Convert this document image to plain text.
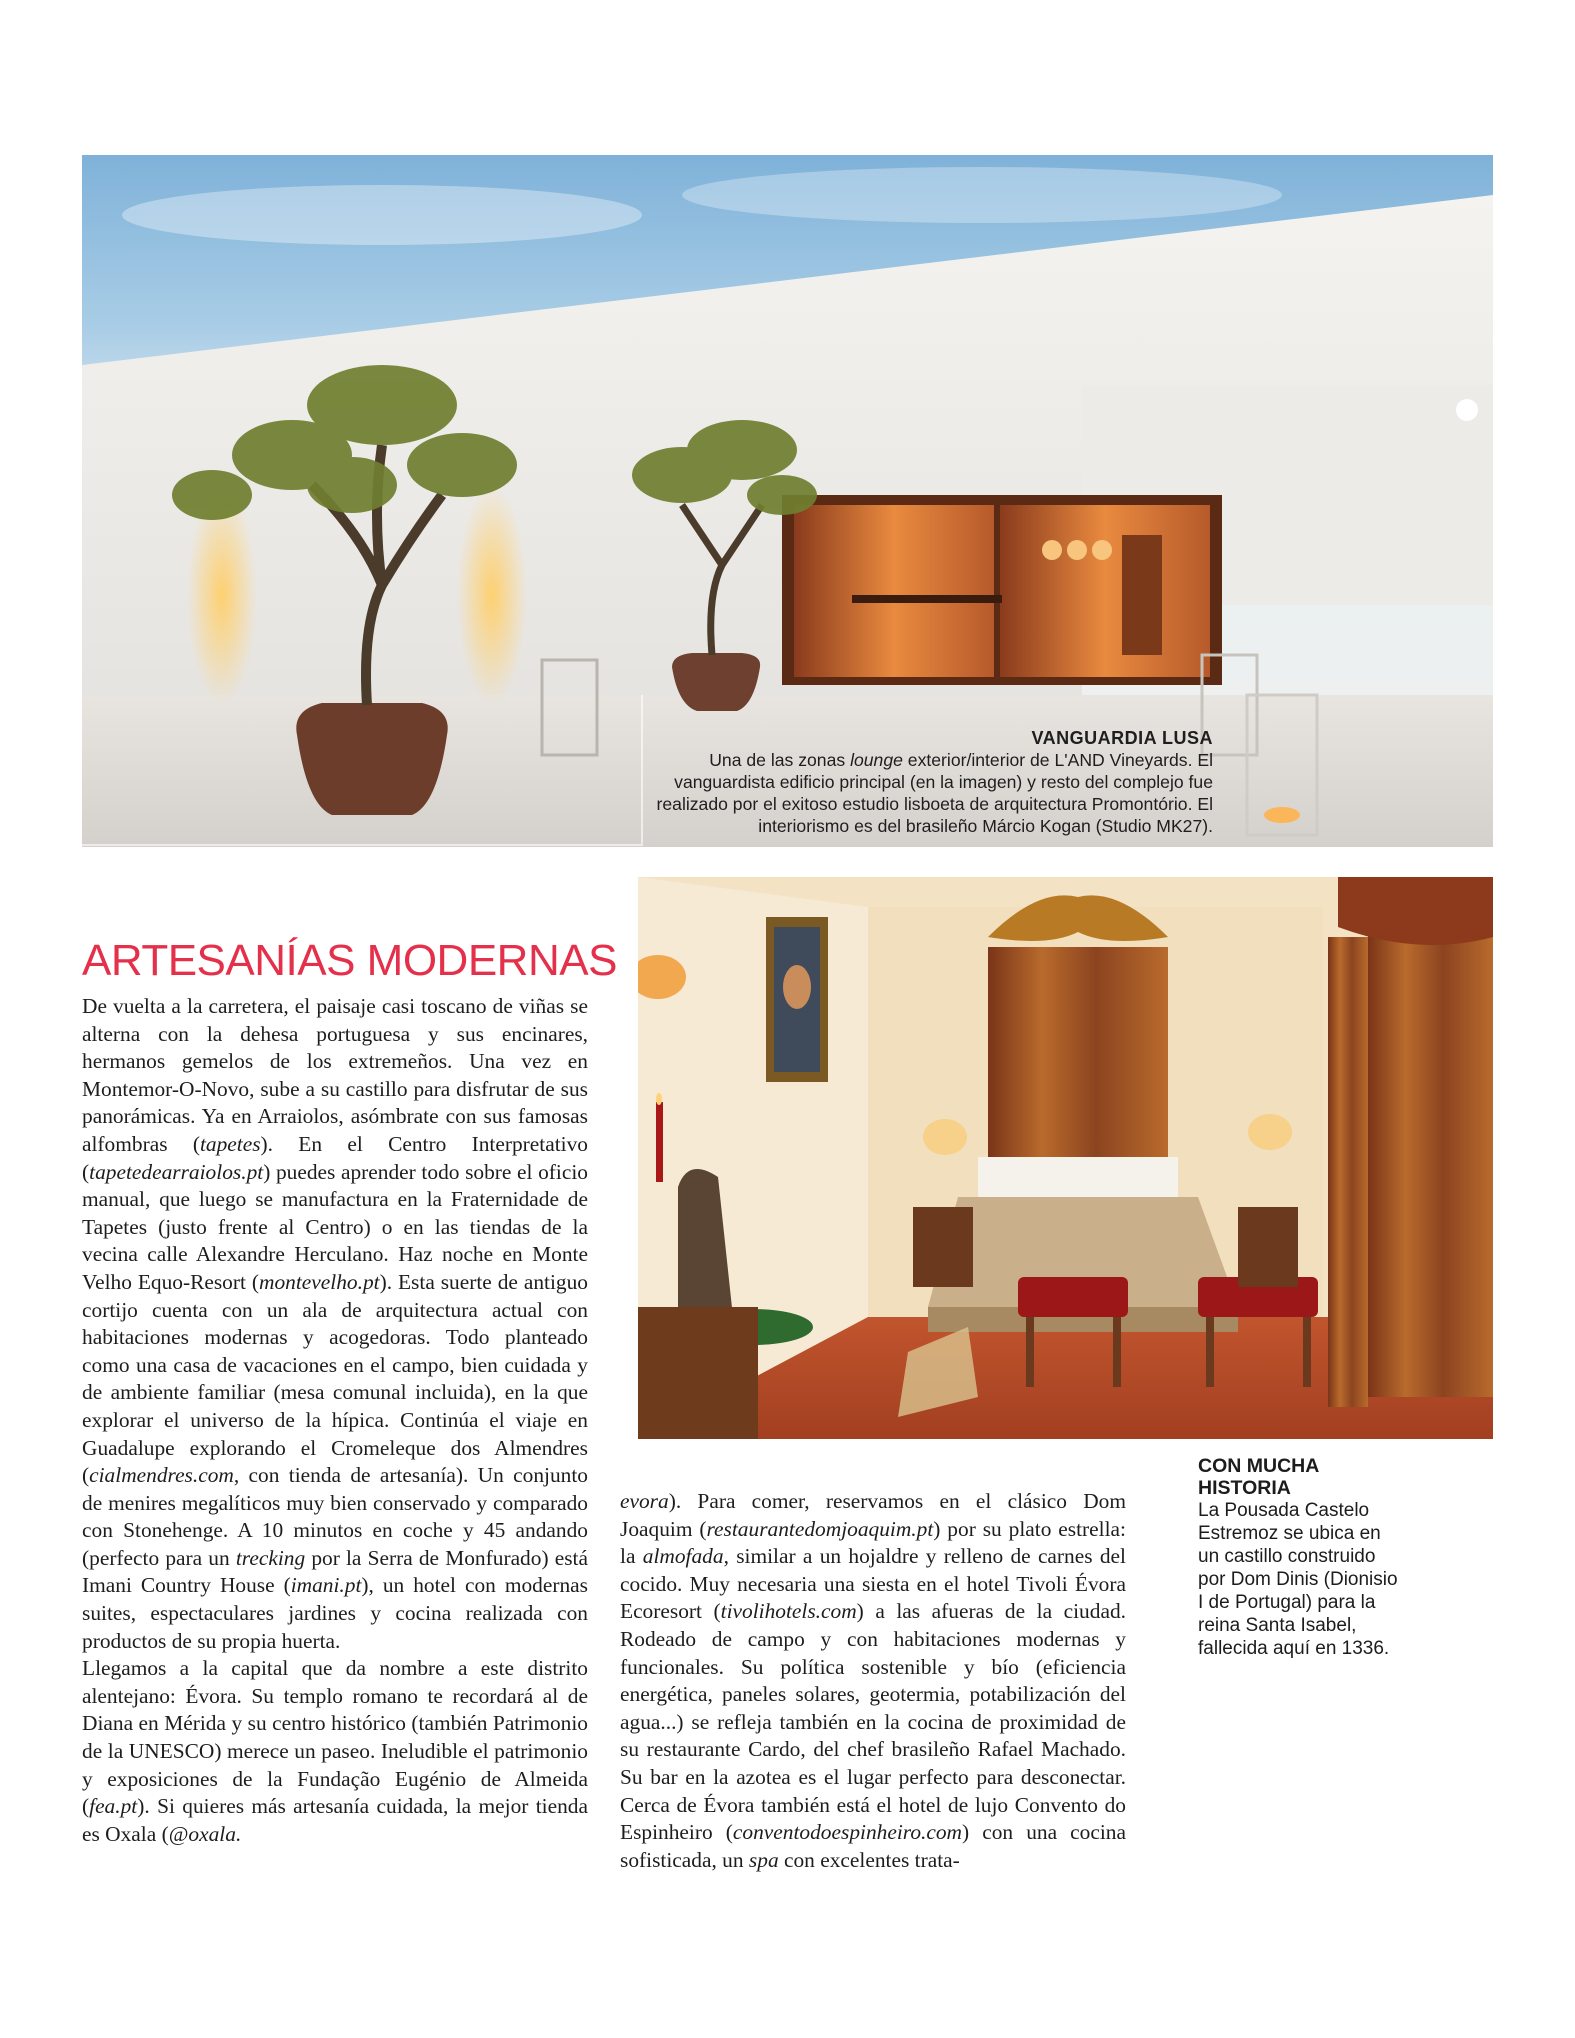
VANGUARDIA LUSA
Una de las zonas lounge exterior/interior de L'AND Vineyards. El vanguardista edificio principal (en la imagen) y resto del complejo fue realizado por el exitoso estudio lisboeta de arquitectura Promontório. El interiorismo es del brasileño Márcio Kogan (Studio MK27).
ARTESANÍAS MODERNAS

De vuelta a la carretera, el paisaje casi toscano de viñas se alterna con la dehesa portuguesa y sus encinares, hermanos gemelos de los extremeños. Una vez en Montemor-O-Novo, sube a su castillo para disfrutar de sus panorámicas. Ya en Arraiolos, asómbrate con sus famosas alfombras (tapetes). En el Centro Interpretativo (tapetedearraiolos.pt) puedes aprender todo sobre el oficio manual, que luego se manufactura en la Fraternidade de Tapetes (justo frente al Centro) o en las tiendas de la vecina calle Alexandre Herculano. Haz noche en Monte Velho Equo-Resort (montevelho.pt). Esta suerte de antiguo cortijo cuenta con un ala de arquitectura actual con habitaciones modernas y acogedoras. Todo planteado como una casa de vacaciones en el campo, bien cuidada y de ambiente familiar (mesa comunal incluida), en la que explorar el universo de la hípica. Continúa el viaje en Guadalupe explorando el Cromeleque dos Almendres (cialmendres.com, con tienda de artesanía). Un conjunto de menires megalíticos muy bien conservado y comparado con Stonehenge. A 10 minutos en coche y 45 andando (perfecto para un trecking por la Serra de Monfurado) está Imani Country House (imani.pt), un hotel con modernas suites, espectaculares jardines y cocina realizada con productos de su propia huerta.

Llegamos a la capital que da nombre a este distrito alentejano: Évora. Su templo romano te recordará al de Diana en Mérida y su centro histórico (también Patrimonio de la UNESCO) merece un paseo. Ineludible el patrimonio y exposiciones de la Fundação Eugénio de Almeida (fea.pt). Si quieres más artesanía cuidada, la mejor tienda es Oxala (@oxala.

evora). Para comer, reservamos en el clásico Dom Joaquim (restaurantedomjoaquim.pt) por su plato estrella: la almofada, similar a un hojaldre y relleno de carnes del cocido. Muy necesaria una siesta en el hotel Tivoli Évora Ecoresort (tivolihotels.com) a las afueras de la ciudad. Rodeado de campo y con habitaciones modernas y funcionales. Su política sostenible y bío (eficiencia energética, paneles solares, geotermia, potabilización del agua...) se refleja también en la cocina de proximidad de su restaurante Cardo, del chef brasileño Rafael Machado. Su bar en la azotea es el lugar perfecto para desconectar. Cerca de Évora también está el hotel de lujo Convento do Espinheiro (conventodoespinheiro.com) con una cocina sofisticada, un spa con excelentes trata-

CON MUCHA
HISTORIA
La Pousada Castelo Estremoz se ubica en un castillo construido por Dom Dinis (Dionisio I de Portugal) para la reina Santa Isabel, fallecida aquí en 1336.
